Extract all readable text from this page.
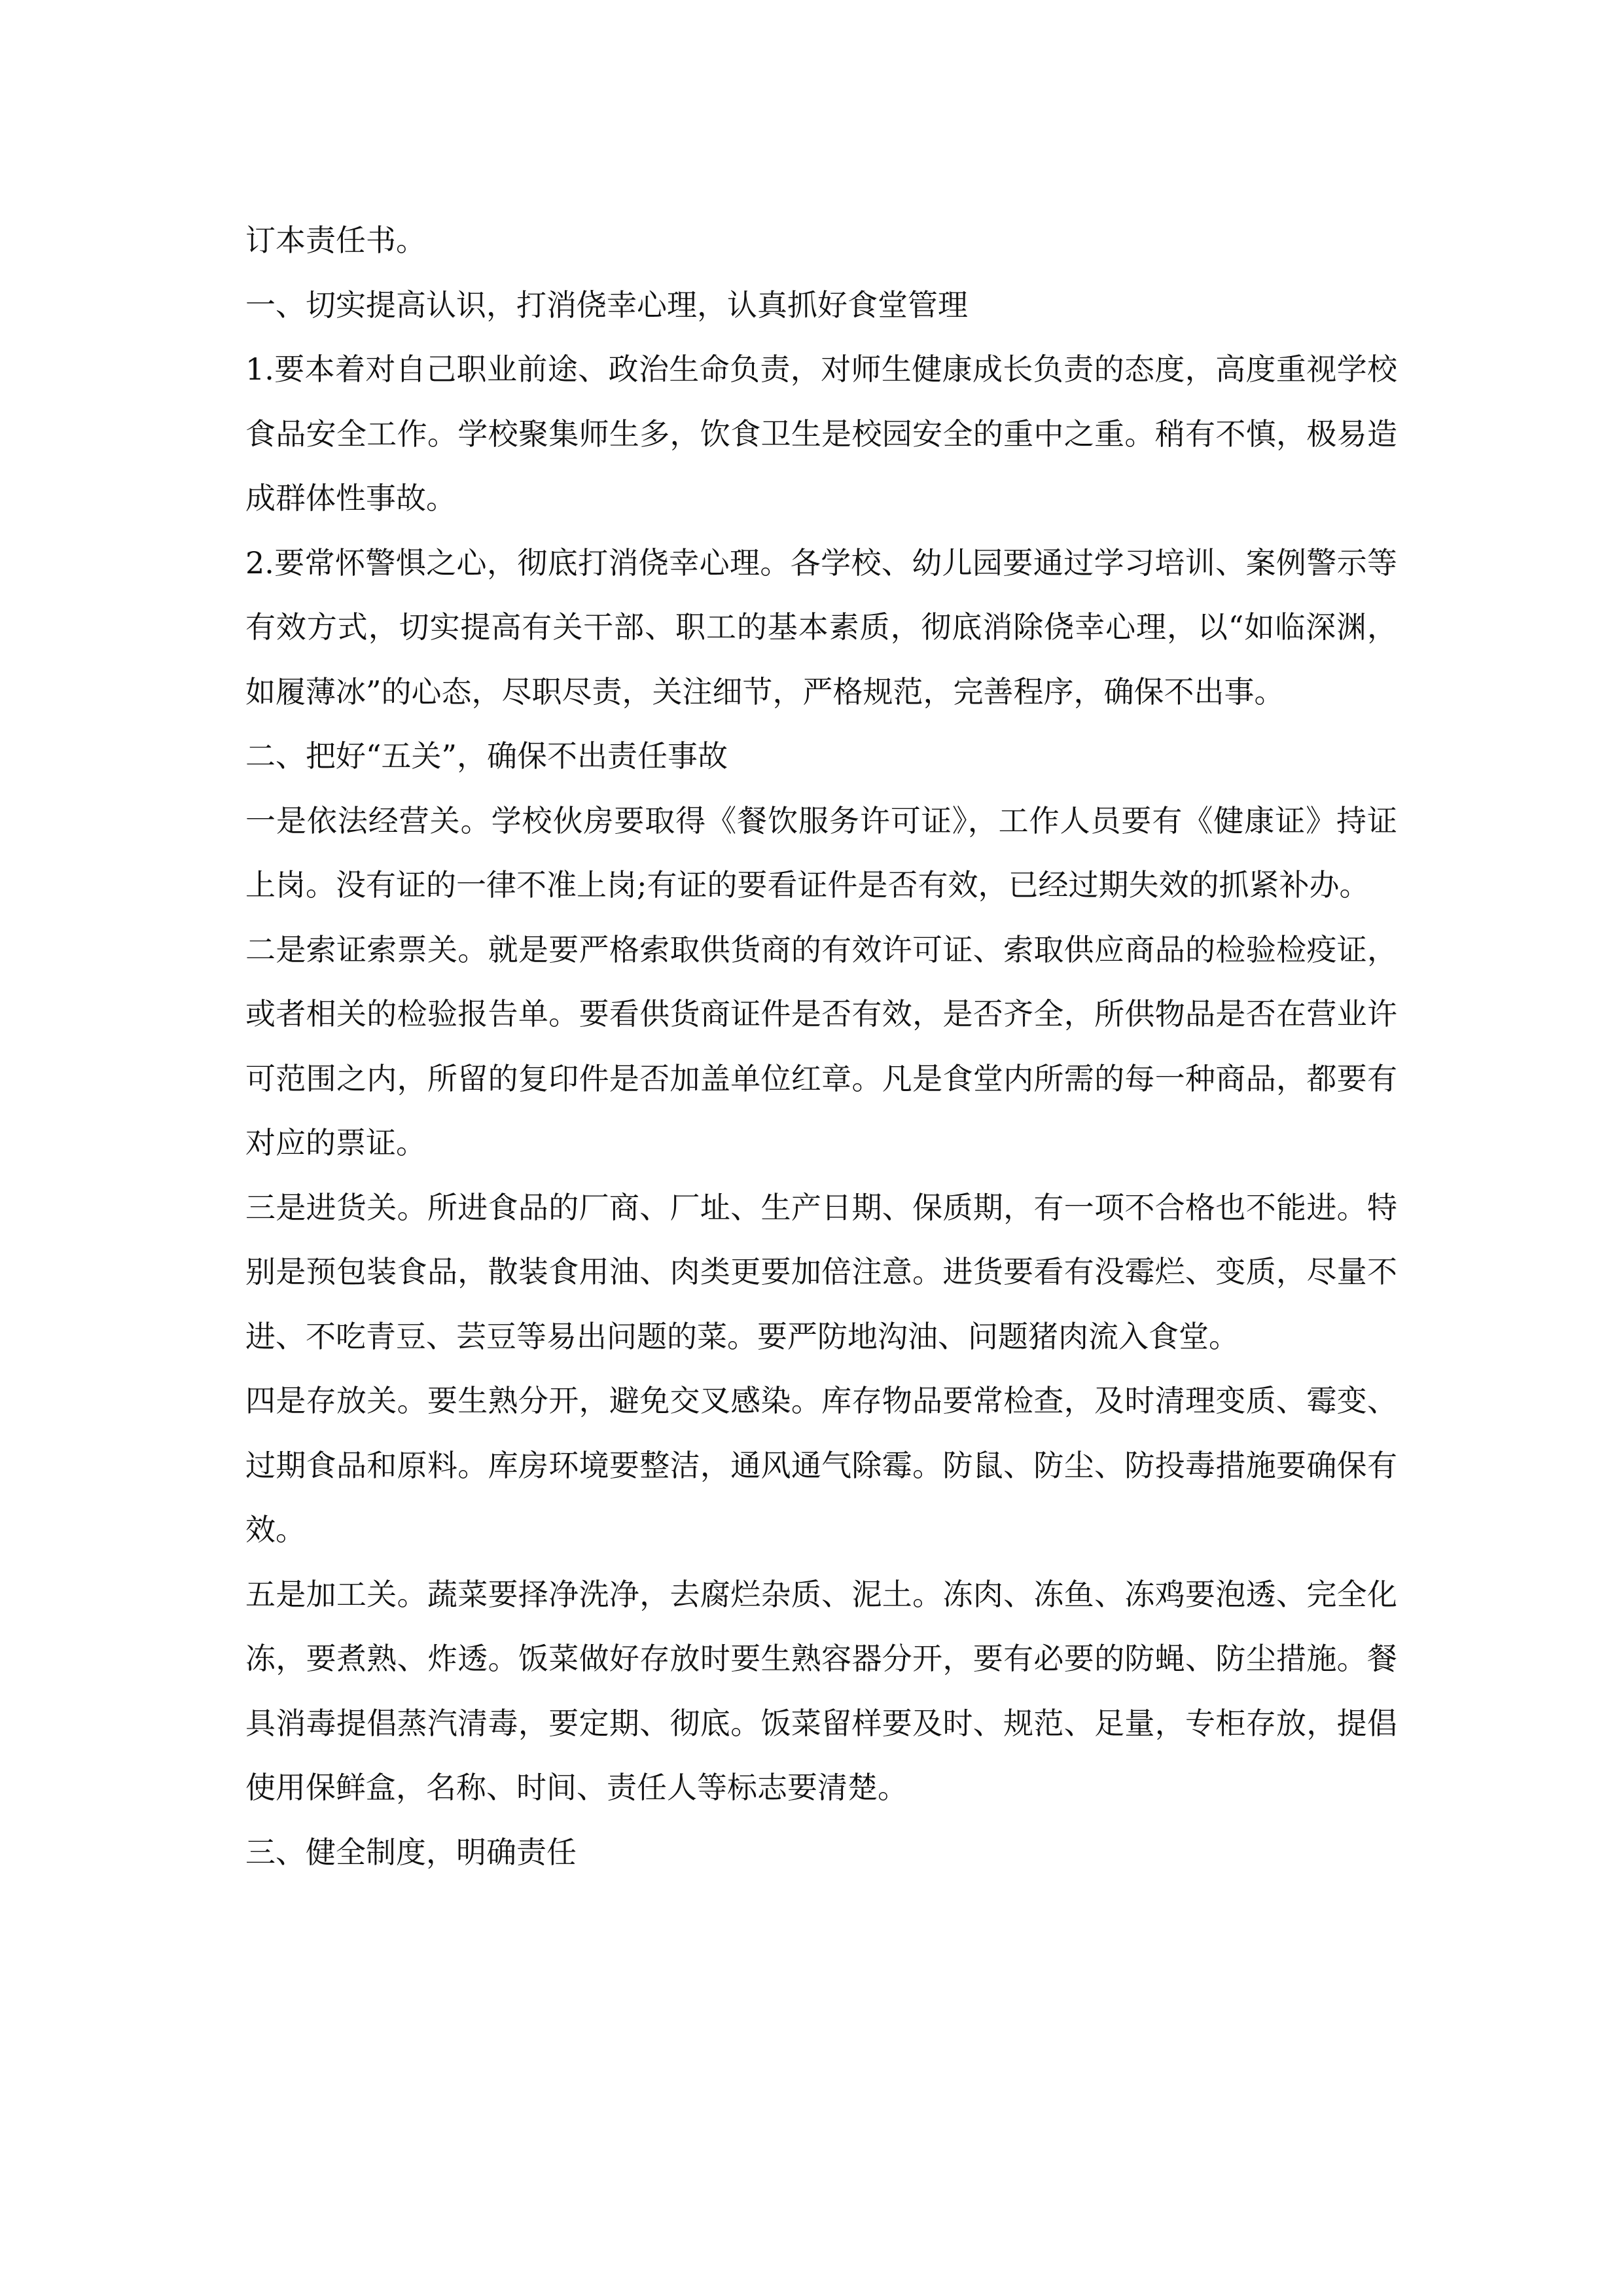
订本责任书。

一、切实提高认识，打消侥幸心理，认真抓好食堂管理

1.要本着对自己职业前途、政治生命负责，对师生健康成长负责的态度，高度重视学校食品安全工作。学校聚集师生多，饮食卫生是校园安全的重中之重。稍有不慎，极易造成群体性事故。

2.要常怀警惧之心，彻底打消侥幸心理。各学校、幼儿园要通过学习培训、案例警示等有效方式，切实提高有关干部、职工的基本素质，彻底消除侥幸心理，以“如临深渊，如履薄冰”的心态，尽职尽责，关注细节，严格规范，完善程序，确保不出事。

二、把好“五关”，确保不出责任事故

一是依法经营关。学校伙房要取得《餐饮服务许可证》，工作人员要有《健康证》持证上岗。没有证的一律不准上岗;有证的要看证件是否有效，已经过期失效的抓紧补办。

二是索证索票关。就是要严格索取供货商的有效许可证、索取供应商品的检验检疫证，或者相关的检验报告单。要看供货商证件是否有效，是否齐全，所供物品是否在营业许可范围之内，所留的复印件是否加盖单位红章。凡是食堂内所需的每一种商品，都要有对应的票证。

三是进货关。所进食品的厂商、厂址、生产日期、保质期，有一项不合格也不能进。特别是预包装食品，散装食用油、肉类更要加倍注意。进货要看有没霉烂、变质，尽量不进、不吃青豆、芸豆等易出问题的菜。要严防地沟油、问题猪肉流入食堂。

四是存放关。要生熟分开，避免交叉感染。库存物品要常检查，及时清理变质、霉变、过期食品和原料。库房环境要整洁，通风通气除霉。防鼠、防尘、防投毒措施要确保有效。

五是加工关。蔬菜要择净洗净，去腐烂杂质、泥土。冻肉、冻鱼、冻鸡要泡透、完全化冻，要煮熟、炸透。饭菜做好存放时要生熟容器分开，要有必要的防蝇、防尘措施。餐具消毒提倡蒸汽清毒，要定期、彻底。饭菜留样要及时、规范、足量，专柜存放，提倡使用保鲜盒，名称、时间、责任人等标志要清楚。

三、健全制度，明确责任
